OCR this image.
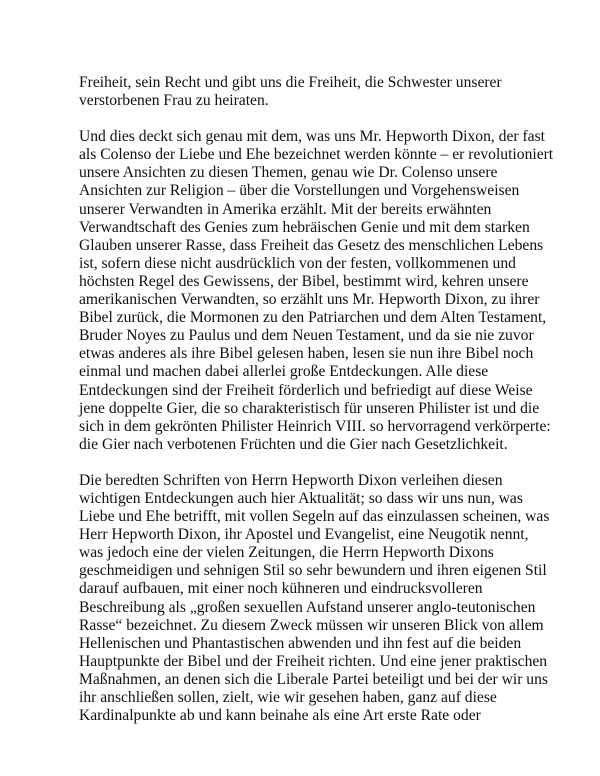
Freiheit, sein Recht und gibt uns die Freiheit, die Schwester unserer
verstorbenen Frau zu heiraten.

Und dies deckt sich genau mit dem, was uns Mr. Hepworth Dixon, der fast
als Colenso der Liebe und Ehe bezeichnet werden könnte – er revolutioniert
unsere Ansichten zu diesen Themen, genau wie Dr. Colenso unsere
Ansichten zur Religion – über die Vorstellungen und Vorgehensweisen
unserer Verwandten in Amerika erzählt. Mit der bereits erwähnten
Verwandtschaft des Genies zum hebräischen Genie und mit dem starken
Glauben unserer Rasse, dass Freiheit das Gesetz des menschlichen Lebens
ist, sofern diese nicht ausdrücklich von der festen, vollkommenen und
höchsten Regel des Gewissens, der Bibel, bestimmt wird, kehren unsere
amerikanischen Verwandten, so erzählt uns Mr. Hepworth Dixon, zu ihrer
Bibel zurück, die Mormonen zu den Patriarchen und dem Alten Testament,
Bruder Noyes zu Paulus und dem Neuen Testament, und da sie nie zuvor
etwas anderes als ihre Bibel gelesen haben, lesen sie nun ihre Bibel noch
einmal und machen dabei allerlei große Entdeckungen. Alle diese
Entdeckungen sind der Freiheit förderlich und befriedigt auf diese Weise
jene doppelte Gier, die so charakteristisch für unseren Philister ist und die
sich in dem gekrönten Philister Heinrich VIII. so hervorragend verkörperte:
die Gier nach verbotenen Früchten und die Gier nach Gesetzlichkeit.

Die beredten Schriften von Herrn Hepworth Dixon verleihen diesen
wichtigen Entdeckungen auch hier Aktualität; so dass wir uns nun, was
Liebe und Ehe betrifft, mit vollen Segeln auf das einzulassen scheinen, was
Herr Hepworth Dixon, ihr Apostel und Evangelist, eine Neugotik nennt,
was jedoch eine der vielen Zeitungen, die Herrn Hepworth Dixons
geschmeidigen und sehnigen Stil so sehr bewundern und ihren eigenen Stil
darauf aufbauen, mit einer noch kühneren und eindrucksvolleren
Beschreibung als „großen sexuellen Aufstand unserer anglo-teutonischen
Rasse“ bezeichnet. Zu diesem Zweck müssen wir unseren Blick von allem
Hellenischen und Phantastischen abwenden und ihn fest auf die beiden
Hauptpunkte der Bibel und der Freiheit richten. Und eine jener praktischen
Maßnahmen, an denen sich die Liberale Partei beteiligt und bei der wir uns
ihr anschließen sollen, zielt, wie wir gesehen haben, ganz auf diese
Kardinalpunkte ab und kann beinahe als eine Art erste Rate oder
